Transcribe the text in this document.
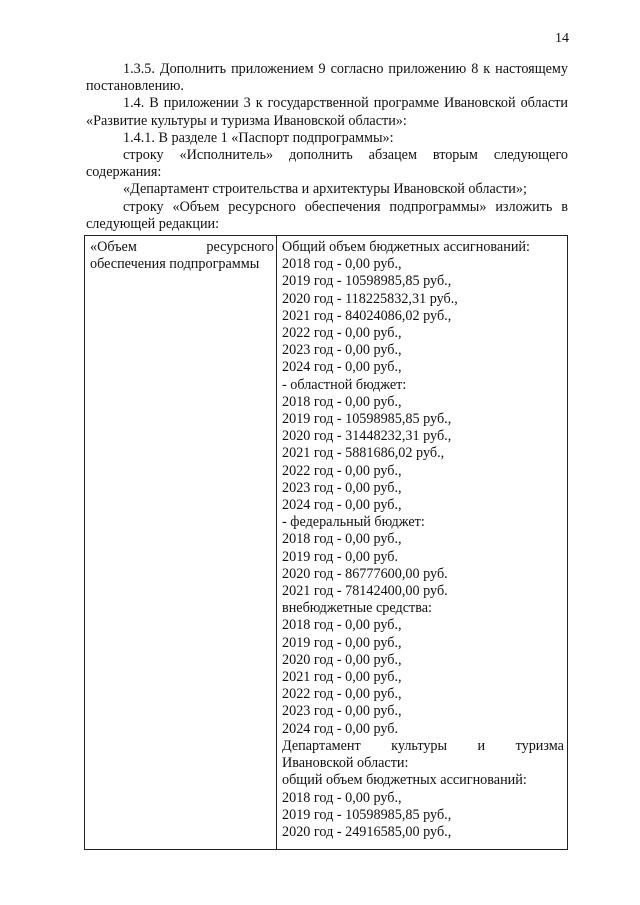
14

1.3.5. Дополнить приложением 9 согласно приложению 8 к настоящему постановлению.

1.4. В приложении 3 к государственной программе Ивановской области «Развитие культуры и туризма Ивановской области»:

1.4.1. В разделе 1 «Паспорт подпрограммы»:

строку «Исполнитель» дополнить абзацем вторым следующего содержания:

«Департамент строительства и архитектуры Ивановской области»;

строку «Объем ресурсного обеспечения подпрограммы» изложить в следующей редакции:

«Объем	ресурсного
обеспечения подпрограммы
Общий объем бюджетных ассигнований:
2018 год - 0,00 руб.,
2019 год - 10598985,85 руб.,
2020 год - 118225832,31 руб.,
2021 год - 84024086,02 руб.,
2022 год - 0,00 руб.,
2023 год - 0,00 руб.,
2024 год - 0,00 руб.,
- областной бюджет:
2018 год - 0,00 руб.,
2019 год - 10598985,85 руб.,
2020 год - 31448232,31 руб.,
2021 год - 5881686,02 руб.,
2022 год - 0,00 руб.,
2023 год - 0,00 руб.,
2024 год - 0,00 руб.,
- федеральный бюджет:
2018 год - 0,00 руб.,
2019 год - 0,00 руб.
2020 год - 86777600,00 руб.
2021 год - 78142400,00 руб.
внебюджетные средства:
2018 год - 0,00 руб.,
2019 год - 0,00 руб.,
2020 год - 0,00 руб.,
2021 год - 0,00 руб.,
2022 год - 0,00 руб.,
2023 год - 0,00 руб.,
2024 год - 0,00 руб.
Департамент культуры и туризма
Ивановской области:
общий объем бюджетных ассигнований:
2018 год - 0,00 руб.,
2019 год - 10598985,85 руб.,
2020 год - 24916585,00 руб.,
